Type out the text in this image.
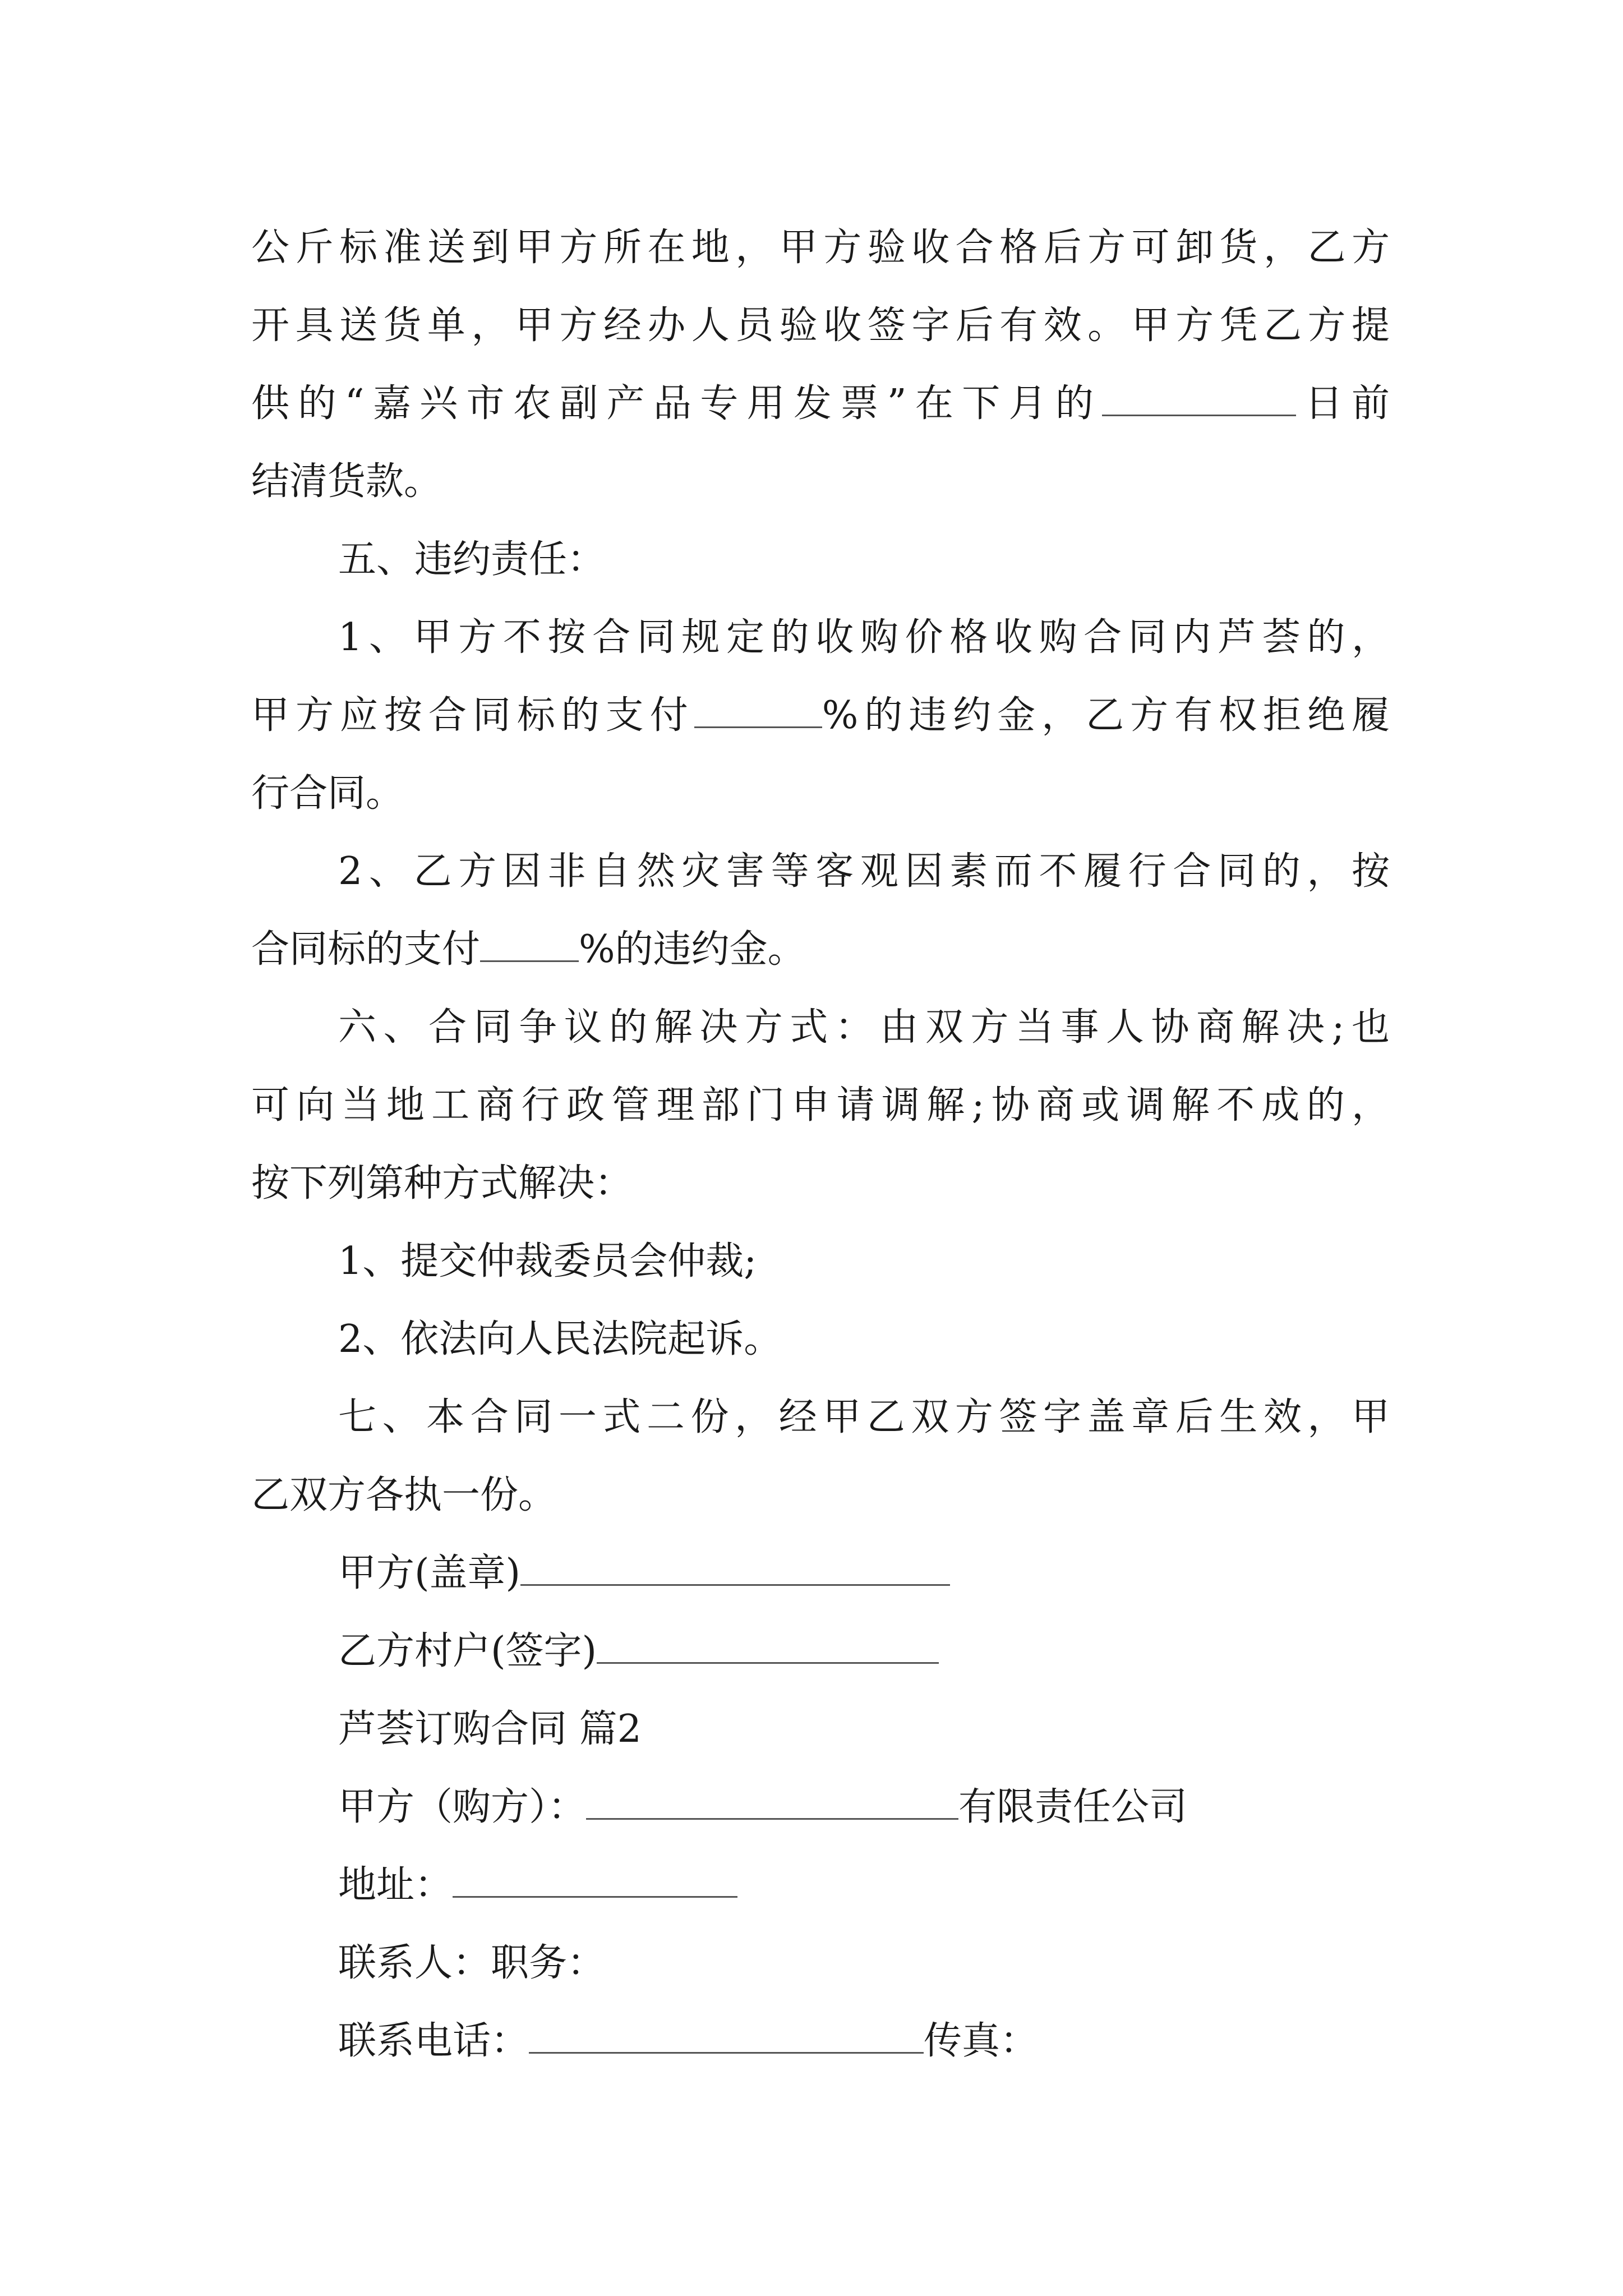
公斤标准送到甲方所在地，甲方验收合格后方可卸货，乙方
开具送货单，甲方经办人员验收签字后有效。甲方凭乙方提
供的“嘉兴市农副产品专用发票”在下月的	日前
结清货款。
五、违约责任：
1、甲方不按合同规定的收购价格收购合同内芦荟的，
甲方应按合同标的支付	%的违约金，乙方有权拒绝履
行合同。
2、乙方因非自然灾害等客观因素而不履行合同的，按
合同标的支付	%的违约金。
六、合同争议的解决方式：由双方当事人协商解决;也
可向当地工商行政管理部门申请调解;协商或调解不成的，
按下列第种方式解决：
1、提交仲裁委员会仲裁;
2、依法向人民法院起诉。
七、本合同一式二份，经甲乙双方签字盖章后生效，甲
乙双方各执一份。
甲方(盖章)
乙方村户(签字)
芦荟订购合同 篇2
甲方（购方）：	有限责任公司
地址：
联系人：职务：
联系电话：	传真：
